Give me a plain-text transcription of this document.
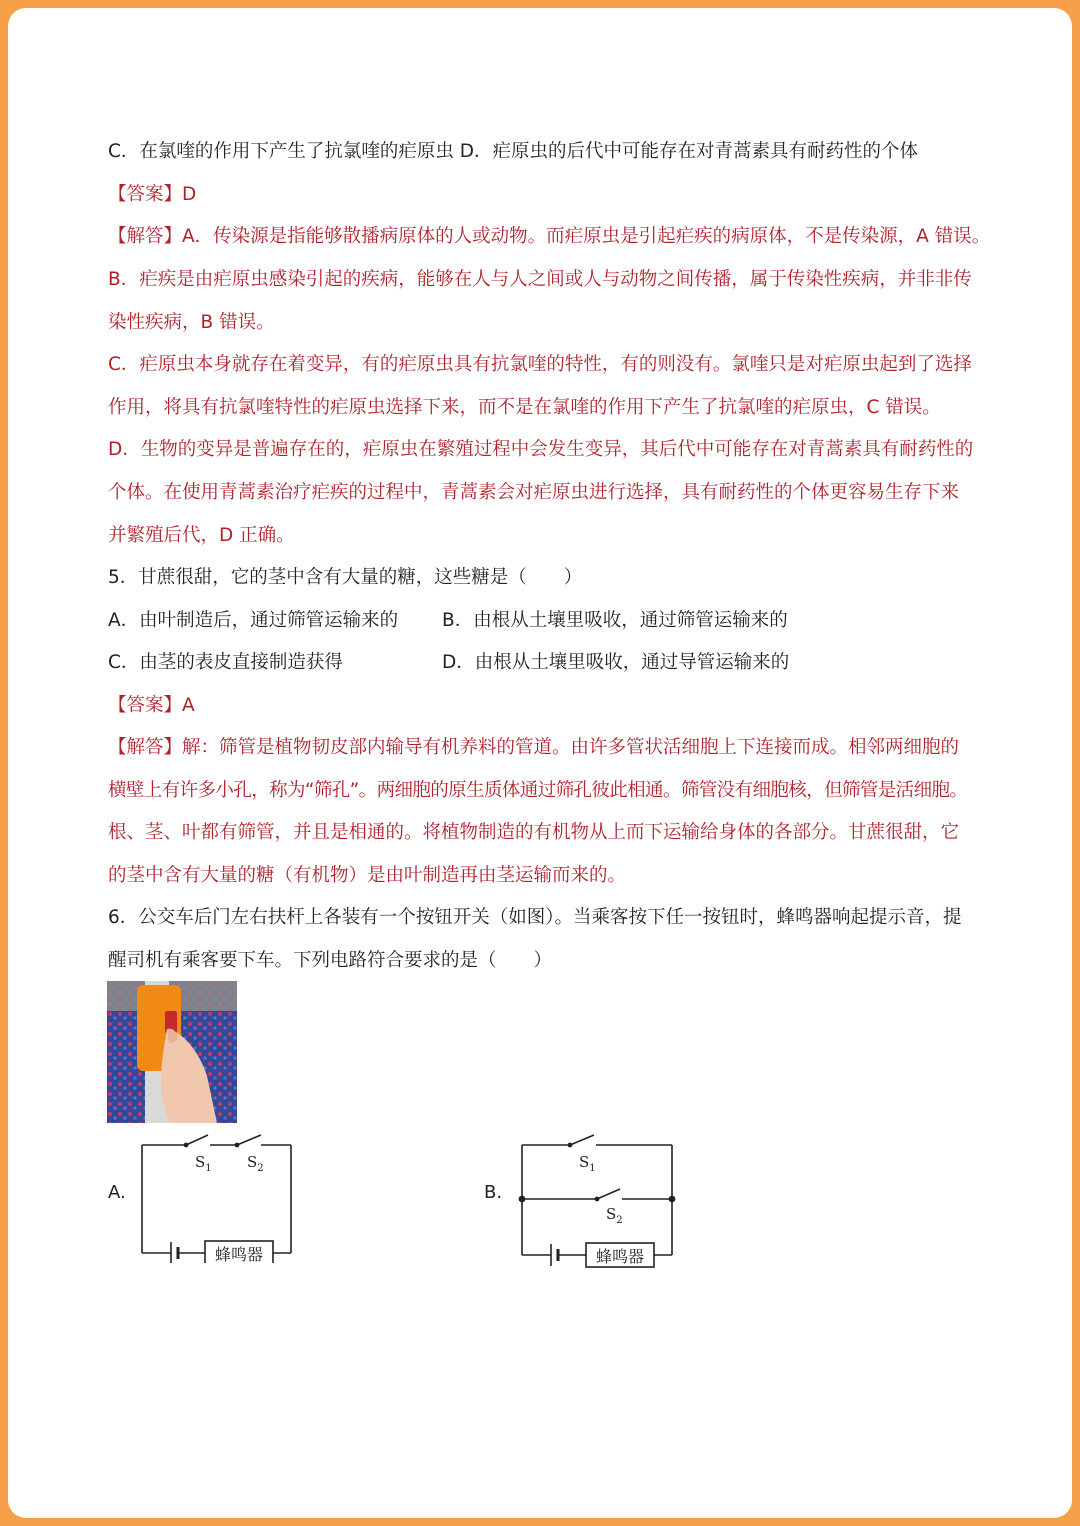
C．在氯喹的作用下产生了抗氯喹的疟原虫 D．疟原虫的后代中可能存在对青蒿素具有耐药性的个体
【答案】D
【解答】A．传染源是指能够散播病原体的人或动物。而疟原虫是引起疟疾的病原体，不是传染源，A 错误。
B．疟疾是由疟原虫感染引起的疾病，能够在人与人之间或人与动物之间传播，属于传染性疾病，并非非传
染性疾病，B 错误。
C．疟原虫本身就存在着变异，有的疟原虫具有抗氯喹的特性，有的则没有。氯喹只是对疟原虫起到了选择
作用，将具有抗氯喹特性的疟原虫选择下来，而不是在氯喹的作用下产生了抗氯喹的疟原虫，C 错误。
D．生物的变异是普遍存在的，疟原虫在繁殖过程中会发生变异，其后代中可能存在对青蒿素具有耐药性的
个体。在使用青蒿素治疗疟疾的过程中，青蒿素会对疟原虫进行选择，具有耐药性的个体更容易生存下来
并繁殖后代，D 正确。
5．甘蔗很甜，它的茎中含有大量的糖，这些糖是（　　）
A．由叶制造后，通过筛管运输来的 B．由根从土壤里吸收，通过筛管运输来的
C．由茎的表皮直接制造获得	D．由根从土壤里吸收，通过导管运输来的
【答案】A
【解答】解：筛管是植物韧皮部内输导有机养料的管道。由许多管状活细胞上下连接而成。相邻两细胞的
横壁上有许多小孔，称为“筛孔”。两细胞的原生质体通过筛孔彼此相通。筛管没有细胞核，但筛管是活细胞。
根、茎、叶都有筛管，并且是相通的。将植物制造的有机物从上而下运输给身体的各部分。甘蔗很甜，它
的茎中含有大量的糖（有机物）是由叶制造再由茎运输而来的。
6．公交车后门左右扶杆上各装有一个按钮开关（如图）。当乘客按下任一按钮时，蜂鸣器响起提示音，提
醒司机有乘客要下车。下列电路符合要求的是（　　）
A.
$S_1$ $S_2$
蜂鸣器
B.
$S_1$
$S_2$
蜂鸣器
